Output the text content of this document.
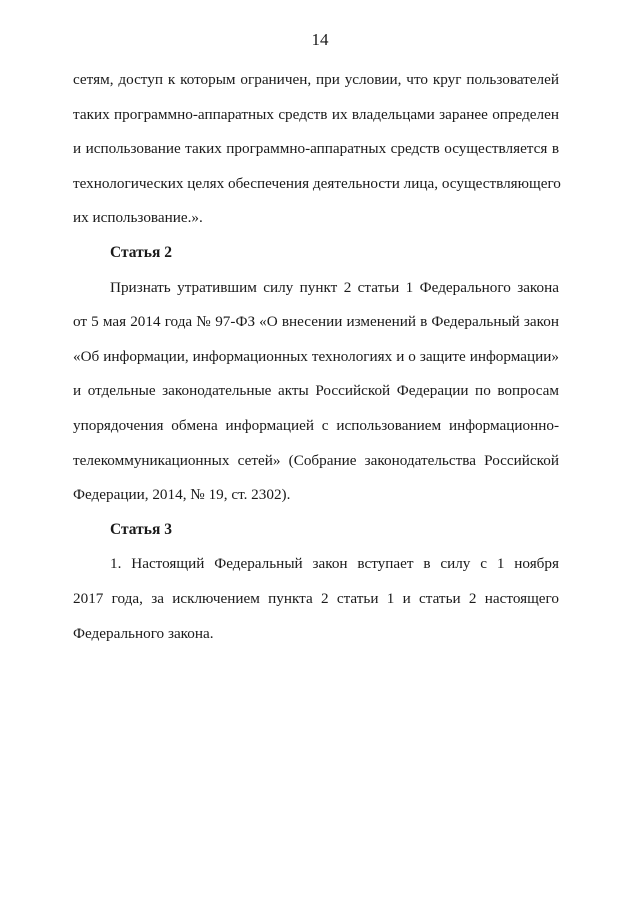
14
сетям, доступ к которым ограничен, при условии, что круг пользователей
таких программно-аппаратных средств их владельцами заранее определен
и использование таких программно-аппаратных средств осуществляется в
технологических целях обеспечения деятельности лица, осуществляющего
их использование.».
Статья 2
Признать утратившим силу пункт 2 статьи 1 Федерального закона
от 5 мая 2014 года № 97-ФЗ «О внесении изменений в Федеральный закон
«Об информации, информационных технологиях и о защите информации»
и отдельные законодательные акты Российской Федерации по вопросам
упорядочения обмена информацией с использованием информационно-
телекоммуникационных сетей» (Собрание законодательства Российской
Федерации, 2014, № 19, ст. 2302).
Статья 3
1. Настоящий Федеральный закон вступает в силу с 1 ноября
2017 года, за исключением пункта 2 статьи 1 и статьи 2 настоящего
Федерального закона.
